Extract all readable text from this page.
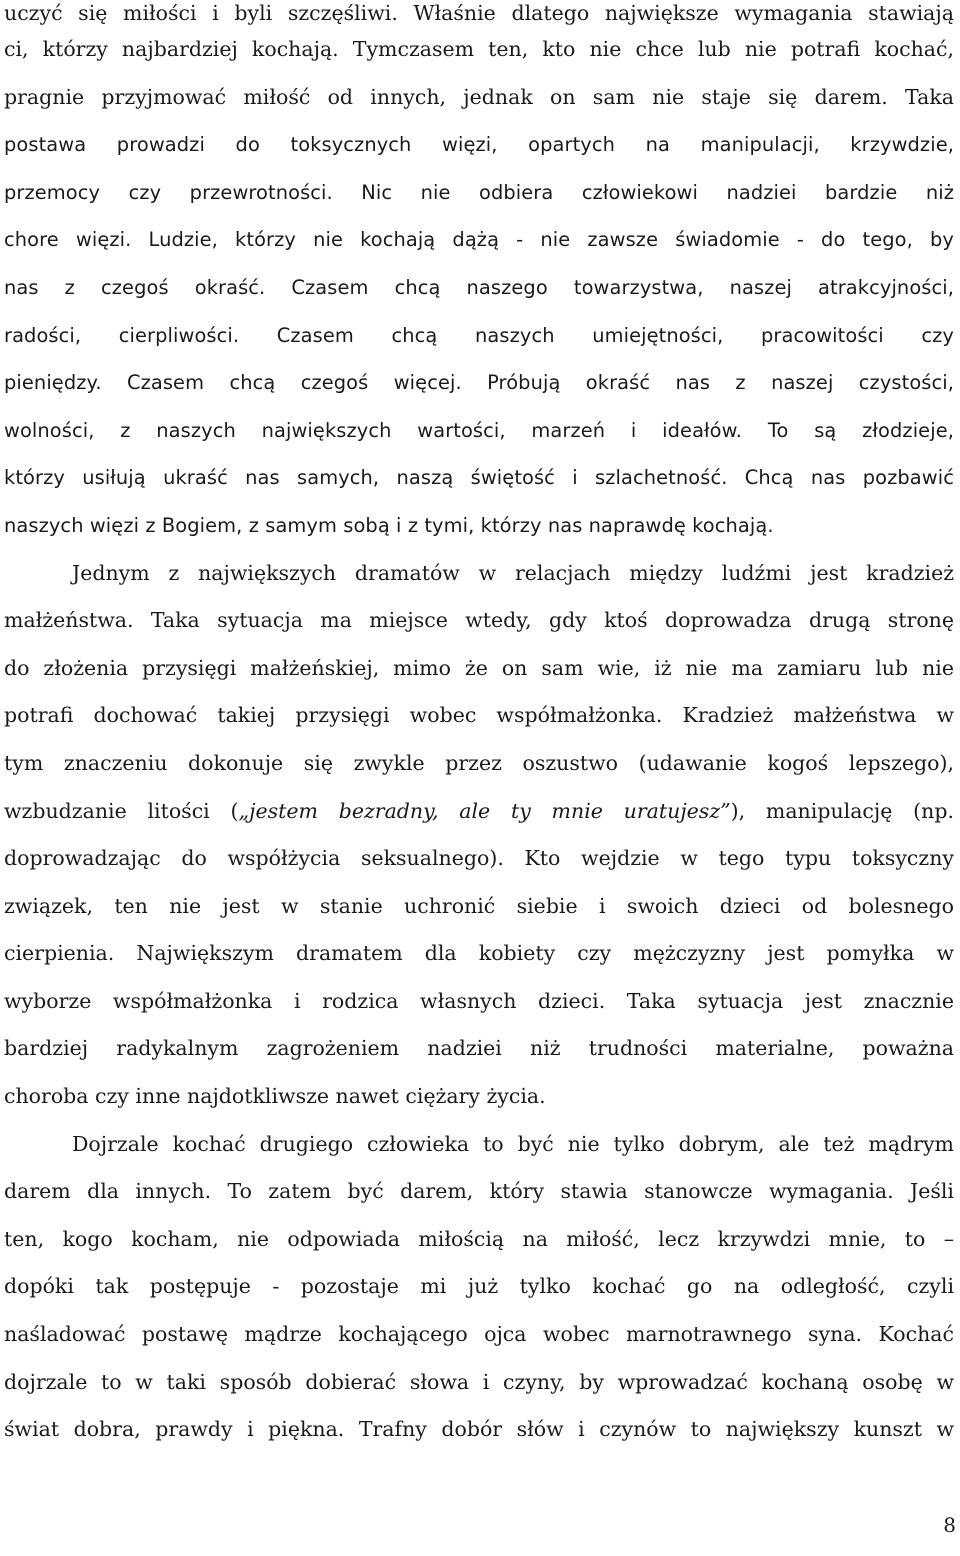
uczyć się miłości i byli szczęśliwi. Właśnie dlatego największe wymagania stawiają
ci, którzy najbardziej kochają. Tymczasem ten, kto nie chce lub nie potrafi kochać,
pragnie przyjmować miłość od innych, jednak on sam nie staje się darem. Taka
postawa prowadzi do toksycznych więzi, opartych na manipulacji, krzywdzie,
przemocy czy przewrotności. Nic nie odbiera człowiekowi nadziei bardzie niż
chore więzi. Ludzie, którzy nie kochają dążą - nie zawsze świadomie - do tego, by
nas z czegoś okraść. Czasem chcą naszego towarzystwa, naszej atrakcyjności,
radości, cierpliwości. Czasem chcą naszych umiejętności, pracowitości czy
pieniędzy. Czasem chcą czegoś więcej. Próbują okraść nas z naszej czystości,
wolności, z naszych największych wartości, marzeń i ideałów. To są złodzieje,
którzy usiłują ukraść nas samych, naszą świętość i szlachetność. Chcą nas pozbawić
naszych więzi z Bogiem, z samym sobą i z tymi, którzy nas naprawdę kochają.
Jednym z największych dramatów w relacjach między ludźmi jest kradzież
małżeństwa. Taka sytuacja ma miejsce wtedy, gdy ktoś doprowadza drugą stronę
do złożenia przysięgi małżeńskiej, mimo że on sam wie, iż nie ma zamiaru lub nie
potrafi dochować takiej przysięgi wobec współmałżonka. Kradzież małżeństwa w
tym znaczeniu dokonuje się zwykle przez oszustwo (udawanie kogoś lepszego),
wzbudzanie litości („jestem bezradny, ale ty mnie uratujesz”), manipulację (np.
doprowadzając do współżycia seksualnego). Kto wejdzie w tego typu toksyczny
związek, ten nie jest w stanie uchronić siebie i swoich dzieci od bolesnego
cierpienia. Największym dramatem dla kobiety czy mężczyzny jest pomyłka w
wyborze współmałżonka i rodzica własnych dzieci. Taka sytuacja jest znacznie
bardziej radykalnym zagrożeniem nadziei niż trudności materialne, poważna
choroba czy inne najdotkliwsze nawet ciężary życia.
Dojrzale kochać drugiego człowieka to być nie tylko dobrym, ale też mądrym
darem dla innych. To zatem być darem, który stawia stanowcze wymagania. Jeśli
ten, kogo kocham, nie odpowiada miłością na miłość, lecz krzywdzi mnie, to –
dopóki tak postępuje - pozostaje mi już tylko kochać go na odległość, czyli
naśladować postawę mądrze kochającego ojca wobec marnotrawnego syna. Kochać
dojrzale to w taki sposób dobierać słowa i czyny, by wprowadzać kochaną osobę w
świat dobra, prawdy i piękna. Trafny dobór słów i czynów to największy kunszt w
8
